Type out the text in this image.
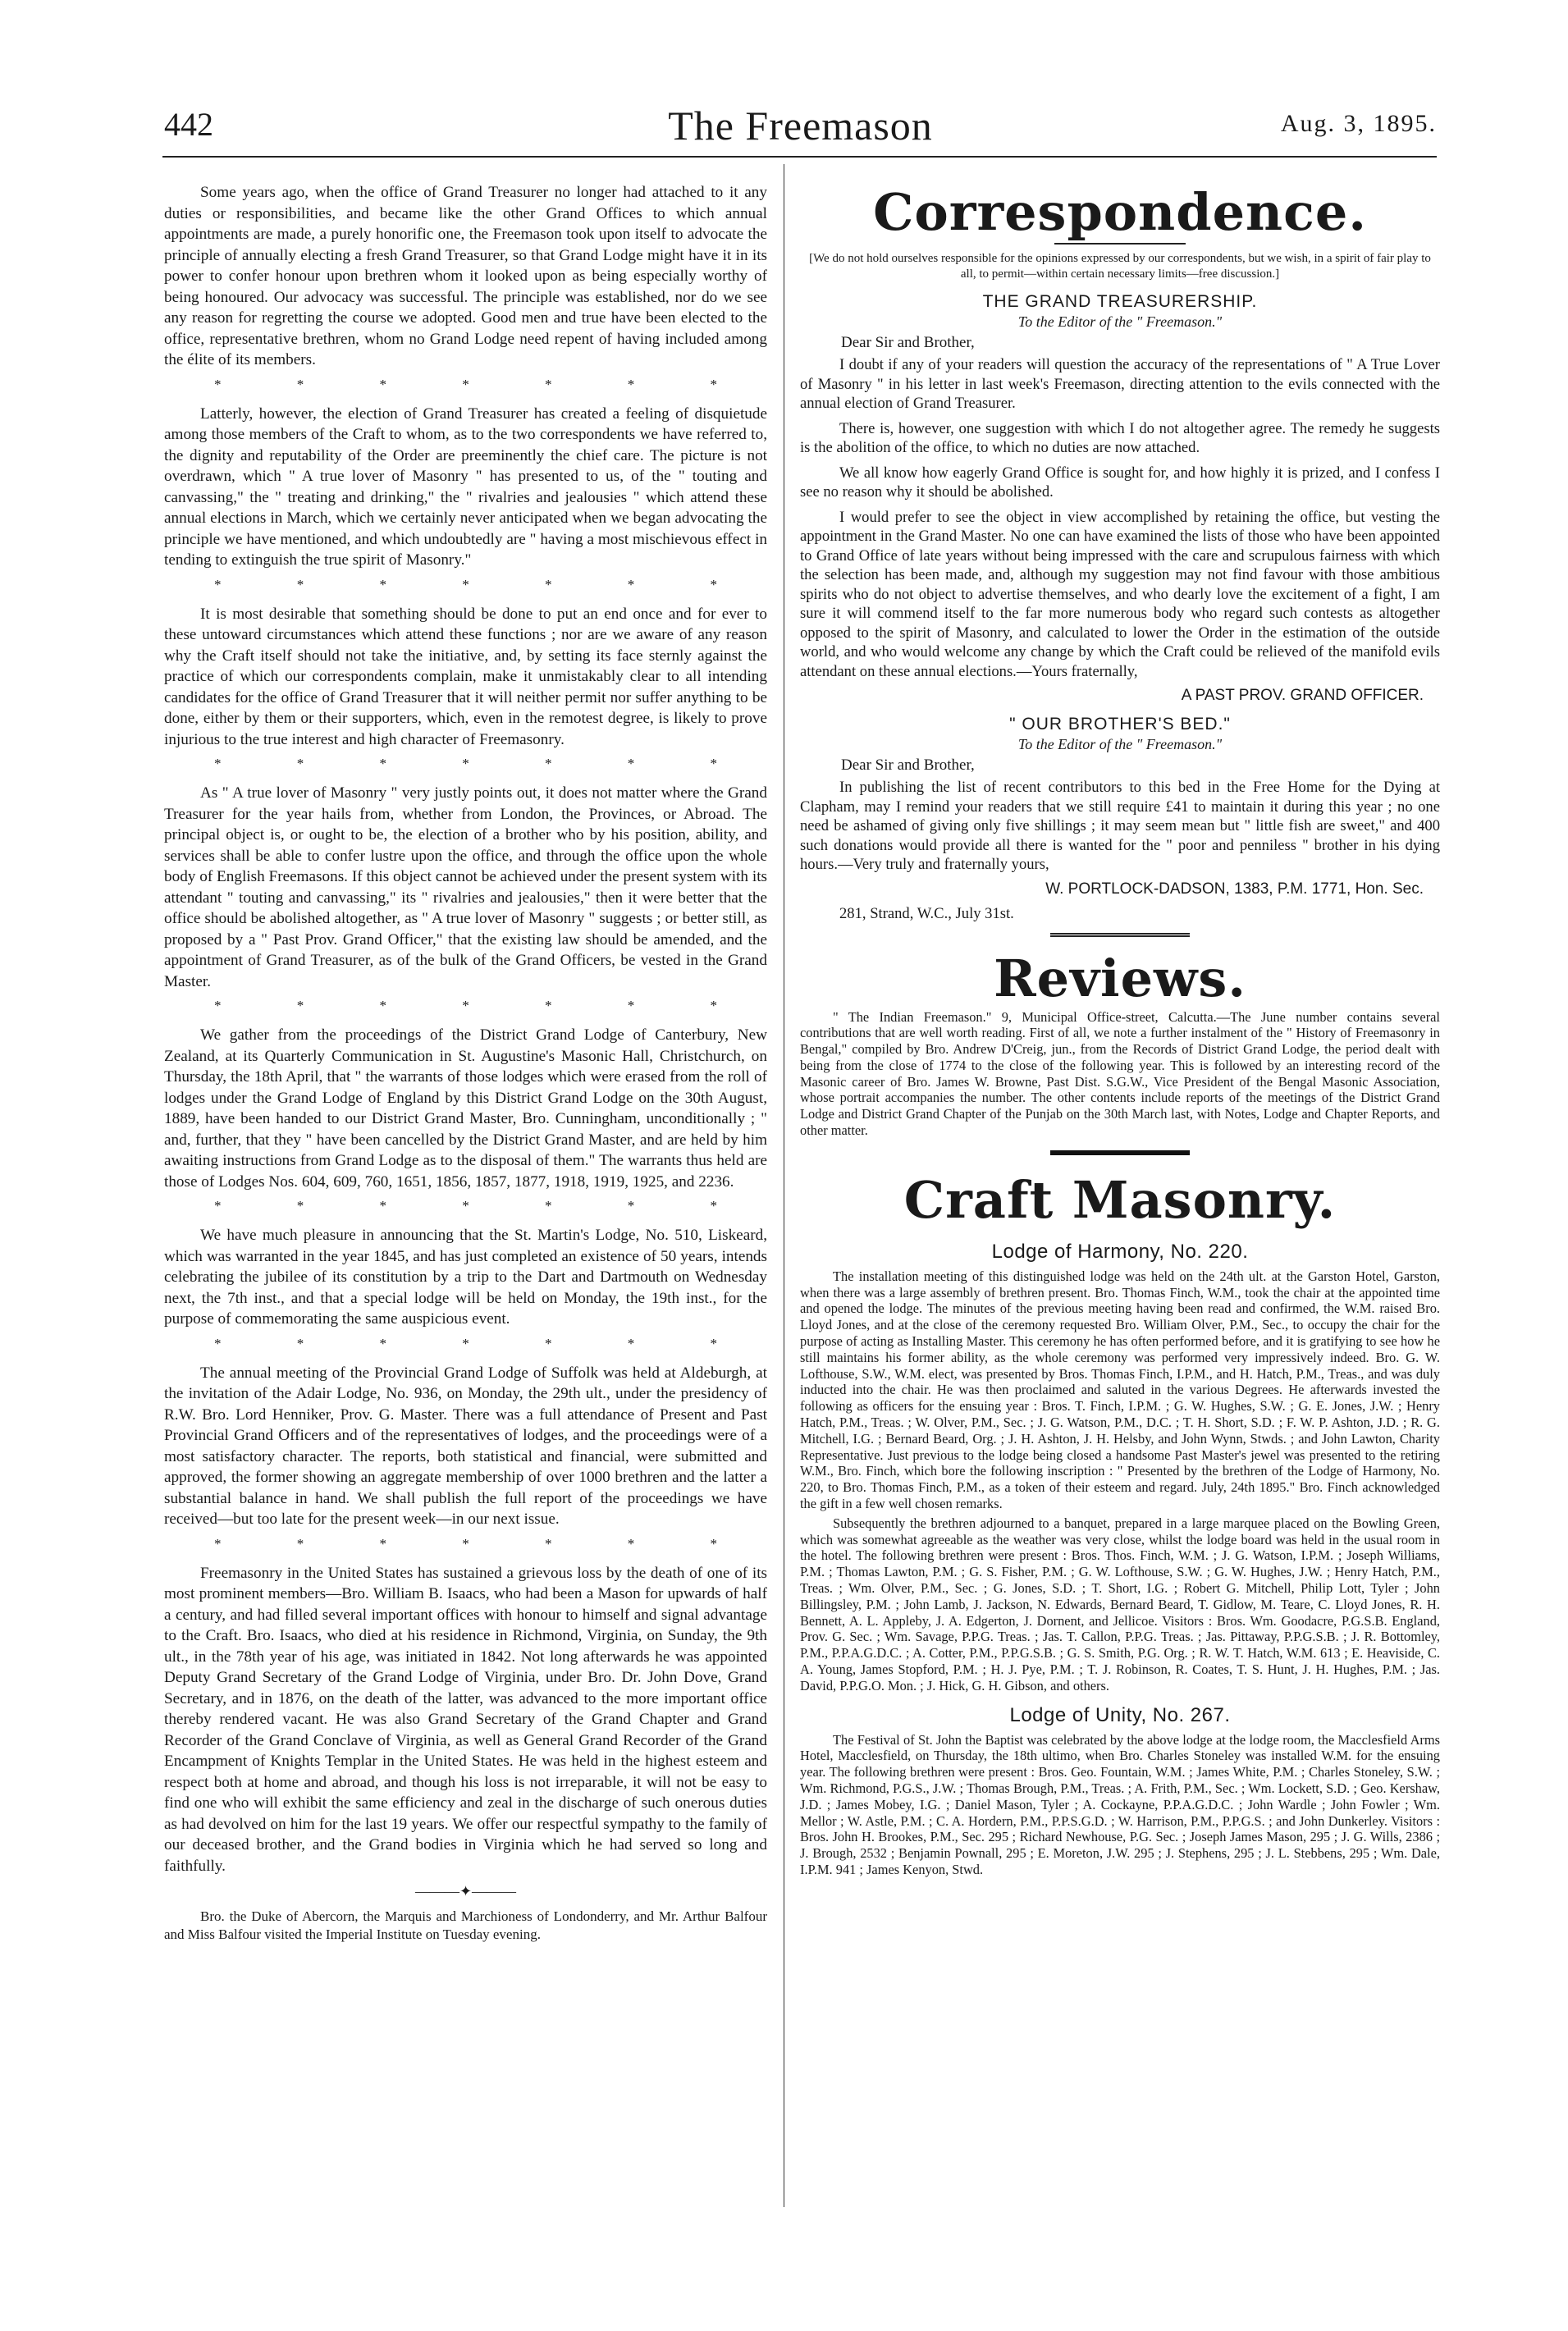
442	The Freemason	Aug. 3, 1895.

Some years ago, when the office of Grand Treasurer no longer had attached to it any duties or responsibilities, and became like the other Grand Offices to which annual appointments are made, a purely honorific one, the Freemason took upon itself to advocate the principle of annually electing a fresh Grand Treasurer, so that Grand Lodge might have it in its power to confer honour upon brethren whom it looked upon as being especially worthy of being honoured. Our advocacy was successful. The principle was established, nor do we see any reason for regretting the course we adopted. Good men and true have been elected to the office, representative brethren, whom no Grand Lodge need repent of having included among the élite of its members.

* * * * * * *

Latterly, however, the election of Grand Treasurer has created a feeling of disquietude among those members of the Craft to whom, as to the two correspondents we have referred to, the dignity and reputability of the Order are preeminently the chief care. The picture is not overdrawn, which " A true lover of Masonry " has presented to us, of the " touting and canvassing," the " treating and drinking," the " rivalries and jealousies " which attend these annual elections in March, which we certainly never anticipated when we began advocating the principle we have mentioned, and which undoubtedly are " having a most mischievous effect in tending to extinguish the true spirit of Masonry."

* * * * * * *

It is most desirable that something should be done to put an end once and for ever to these untoward circumstances which attend these functions ; nor are we aware of any reason why the Craft itself should not take the initiative, and, by setting its face sternly against the practice of which our correspondents complain, make it unmistakably clear to all intending candidates for the office of Grand Treasurer that it will neither permit nor suffer anything to be done, either by them or their supporters, which, even in the remotest degree, is likely to prove injurious to the true interest and high character of Freemasonry.

* * * * * * *

As " A true lover of Masonry " very justly points out, it does not matter where the Grand Treasurer for the year hails from, whether from London, the Provinces, or Abroad. The principal object is, or ought to be, the election of a brother who by his position, ability, and services shall be able to confer lustre upon the office, and through the office upon the whole body of English Freemasons. If this object cannot be achieved under the present system with its attendant " touting and canvassing," its " rivalries and jealousies," then it were better that the office should be abolished altogether, as " A true lover of Masonry " suggests ; or better still, as proposed by a " Past Prov. Grand Officer," that the existing law should be amended, and the appointment of Grand Treasurer, as of the bulk of the Grand Officers, be vested in the Grand Master.

* * * * * * *

We gather from the proceedings of the District Grand Lodge of Canterbury, New Zealand, at its Quarterly Communication in St. Augustine's Masonic Hall, Christchurch, on Thursday, the 18th April, that " the warrants of those lodges which were erased from the roll of lodges under the Grand Lodge of England by this District Grand Lodge on the 30th August, 1889, have been handed to our District Grand Master, Bro. Cunningham, unconditionally ; " and, further, that they " have been cancelled by the District Grand Master, and are held by him awaiting instructions from Grand Lodge as to the disposal of them." The warrants thus held are those of Lodges Nos. 604, 609, 760, 1651, 1856, 1857, 1877, 1918, 1919, 1925, and 2236.

* * * * * * *

We have much pleasure in announcing that the St. Martin's Lodge, No. 510, Liskeard, which was warranted in the year 1845, and has just completed an existence of 50 years, intends celebrating the jubilee of its constitution by a trip to the Dart and Dartmouth on Wednesday next, the 7th inst., and that a special lodge will be held on Monday, the 19th inst., for the purpose of commemorating the same auspicious event.

* * * * * * *

The annual meeting of the Provincial Grand Lodge of Suffolk was held at Aldeburgh, at the invitation of the Adair Lodge, No. 936, on Monday, the 29th ult., under the presidency of R.W. Bro. Lord Henniker, Prov. G. Master. There was a full attendance of Present and Past Provincial Grand Officers and of the representatives of lodges, and the proceedings were of a most satisfactory character. The reports, both statistical and financial, were submitted and approved, the former showing an aggregate membership of over 1000 brethren and the latter a substantial balance in hand. We shall publish the full report of the proceedings we have received—but too late for the present week—in our next issue.

* * * * * * *

Freemasonry in the United States has sustained a grievous loss by the death of one of its most prominent members—Bro. William B. Isaacs, who had been a Mason for upwards of half a century, and had filled several important offices with honour to himself and signal advantage to the Craft. Bro. Isaacs, who died at his residence in Richmond, Virginia, on Sunday, the 9th ult., in the 78th year of his age, was initiated in 1842. Not long afterwards he was appointed Deputy Grand Secretary of the Grand Lodge of Virginia, under Bro. Dr. John Dove, Grand Secretary, and in 1876, on the death of the latter, was advanced to the more important office thereby rendered vacant. He was also Grand Secretary of the Grand Chapter and Grand Recorder of the Grand Conclave of Virginia, as well as General Grand Recorder of the Grand Encampment of Knights Templar in the United States. He was held in the highest esteem and respect both at home and abroad, and though his loss is not irreparable, it will not be easy to find one who will exhibit the same efficiency and zeal in the discharge of such onerous duties as had devolved on him for the last 19 years. We offer our respectful sympathy to the family of our deceased brother, and the Grand bodies in Virginia which he had served so long and faithfully.

———✦———

Bro. the Duke of Abercorn, the Marquis and Marchioness of Londonderry, and Mr. Arthur Balfour and Miss Balfour visited the Imperial Institute on Tuesday evening.

Correspondence.
[We do not hold ourselves responsible for the opinions expressed by our correspondents, but we wish, in a spirit of fair play to all, to permit—within certain necessary limits—free discussion.]
THE GRAND TREASURERSHIP.
To the Editor of the " Freemason."
Dear Sir and Brother,

I doubt if any of your readers will question the accuracy of the representations of " A True Lover of Masonry " in his letter in last week's Freemason, directing attention to the evils connected with the annual election of Grand Treasurer.

There is, however, one suggestion with which I do not altogether agree. The remedy he suggests is the abolition of the office, to which no duties are now attached.

We all know how eagerly Grand Office is sought for, and how highly it is prized, and I confess I see no reason why it should be abolished.

I would prefer to see the object in view accomplished by retaining the office, but vesting the appointment in the Grand Master. No one can have examined the lists of those who have been appointed to Grand Office of late years without being impressed with the care and scrupulous fairness with which the selection has been made, and, although my suggestion may not find favour with those ambitious spirits who do not object to advertise themselves, and who dearly love the excitement of a fight, I am sure it will commend itself to the far more numerous body who regard such contests as altogether opposed to the spirit of Masonry, and calculated to lower the Order in the estimation of the outside world, and who would welcome any change by which the Craft could be relieved of the manifold evils attendant on these annual elections.—Yours fraternally,

A PAST PROV. GRAND OFFICER.
" OUR BROTHER'S BED."
To the Editor of the " Freemason."
Dear Sir and Brother,

In publishing the list of recent contributors to this bed in the Free Home for the Dying at Clapham, may I remind your readers that we still require £41 to maintain it during this year ; no one need be ashamed of giving only five shillings ; it may seem mean but " little fish are sweet," and 400 such donations would provide all there is wanted for the " poor and penniless " brother in his dying hours.—Very truly and fraternally yours,

W. PORTLOCK-DADSON, 1383, P.M. 1771, Hon. Sec.
281, Strand, W.C., July 31st.
Reviews.

" The Indian Freemason." 9, Municipal Office-street, Calcutta.—The June number contains several contributions that are well worth reading. First of all, we note a further instalment of the " History of Freemasonry in Bengal," compiled by Bro. Andrew D'Creig, jun., from the Records of District Grand Lodge, the period dealt with being from the close of 1774 to the close of the following year. This is followed by an interesting record of the Masonic career of Bro. James W. Browne, Past Dist. S.G.W., Vice President of the Bengal Masonic Association, whose portrait accompanies the number. The other contents include reports of the meetings of the District Grand Lodge and District Grand Chapter of the Punjab on the 30th March last, with Notes, Lodge and Chapter Reports, and other matter.

Craft Masonry.
Lodge of Harmony, No. 220.

The installation meeting of this distinguished lodge was held on the 24th ult. at the Garston Hotel, Garston, when there was a large assembly of brethren present. Bro. Thomas Finch, W.M., took the chair at the appointed time and opened the lodge. The minutes of the previous meeting having been read and confirmed, the W.M. raised Bro. Lloyd Jones, and at the close of the ceremony requested Bro. William Olver, P.M., Sec., to occupy the chair for the purpose of acting as Installing Master. This ceremony he has often performed before, and it is gratifying to see how he still maintains his former ability, as the whole ceremony was performed very impressively indeed. Bro. G. W. Lofthouse, S.W., W.M. elect, was presented by Bros. Thomas Finch, I.P.M., and H. Hatch, P.M., Treas., and was duly inducted into the chair. He was then proclaimed and saluted in the various Degrees. He afterwards invested the following as officers for the ensuing year : Bros. T. Finch, I.P.M. ; G. W. Hughes, S.W. ; G. E. Jones, J.W. ; Henry Hatch, P.M., Treas. ; W. Olver, P.M., Sec. ; J. G. Watson, P.M., D.C. ; T. H. Short, S.D. ; F. W. P. Ashton, J.D. ; R. G. Mitchell, I.G. ; Bernard Beard, Org. ; J. H. Ashton, J. H. Helsby, and John Wynn, Stwds. ; and John Lawton, Charity Representative. Just previous to the lodge being closed a handsome Past Master's jewel was presented to the retiring W.M., Bro. Finch, which bore the following inscription : " Presented by the brethren of the Lodge of Harmony, No. 220, to Bro. Thomas Finch, P.M., as a token of their esteem and regard. July, 24th 1895." Bro. Finch acknowledged the gift in a few well chosen remarks.

Subsequently the brethren adjourned to a banquet, prepared in a large marquee placed on the Bowling Green, which was somewhat agreeable as the weather was very close, whilst the lodge board was held in the usual room in the hotel. The following brethren were present : Bros. Thos. Finch, W.M. ; J. G. Watson, I.P.M. ; Joseph Williams, P.M. ; Thomas Lawton, P.M. ; G. S. Fisher, P.M. ; G. W. Lofthouse, S.W. ; G. W. Hughes, J.W. ; Henry Hatch, P.M., Treas. ; Wm. Olver, P.M., Sec. ; G. Jones, S.D. ; T. Short, I.G. ; Robert G. Mitchell, Philip Lott, Tyler ; John Billingsley, P.M. ; John Lamb, J. Jackson, N. Edwards, Bernard Beard, T. Gidlow, M. Teare, C. Lloyd Jones, R. H. Bennett, A. L. Appleby, J. A. Edgerton, J. Dornent, and Jellicoe. Visitors : Bros. Wm. Goodacre, P.G.S.B. England, Prov. G. Sec. ; Wm. Savage, P.P.G. Treas. ; Jas. T. Callon, P.P.G. Treas. ; Jas. Pittaway, P.P.G.S.B. ; J. R. Bottomley, P.M., P.P.A.G.D.C. ; A. Cotter, P.M., P.P.G.S.B. ; G. S. Smith, P.G. Org. ; R. W. T. Hatch, W.M. 613 ; E. Heaviside, C. A. Young, James Stopford, P.M. ; H. J. Pye, P.M. ; T. J. Robinson, R. Coates, T. S. Hunt, J. H. Hughes, P.M. ; Jas. David, P.P.G.O. Mon. ; J. Hick, G. H. Gibson, and others.

Lodge of Unity, No. 267.

The Festival of St. John the Baptist was celebrated by the above lodge at the lodge room, the Macclesfield Arms Hotel, Macclesfield, on Thursday, the 18th ultimo, when Bro. Charles Stoneley was installed W.M. for the ensuing year. The following brethren were present : Bros. Geo. Fountain, W.M. ; James White, P.M. ; Charles Stoneley, S.W. ; Wm. Richmond, P.G.S., J.W. ; Thomas Brough, P.M., Treas. ; A. Frith, P.M., Sec. ; Wm. Lockett, S.D. ; Geo. Kershaw, J.D. ; James Mobey, I.G. ; Daniel Mason, Tyler ; A. Cockayne, P.P.A.G.D.C. ; John Wardle ; John Fowler ; Wm. Mellor ; W. Astle, P.M. ; C. A. Hordern, P.M., P.P.S.G.D. ; W. Harrison, P.M., P.P.G.S. ; and John Dunkerley. Visitors : Bros. John H. Brookes, P.M., Sec. 295 ; Richard Newhouse, P.G. Sec. ; Joseph James Mason, 295 ; J. G. Wills, 2386 ; J. Brough, 2532 ; Benjamin Pownall, 295 ; E. Moreton, J.W. 295 ; J. Stephens, 295 ; J. L. Stebbens, 295 ; Wm. Dale, I.P.M. 941 ; James Kenyon, Stwd.
